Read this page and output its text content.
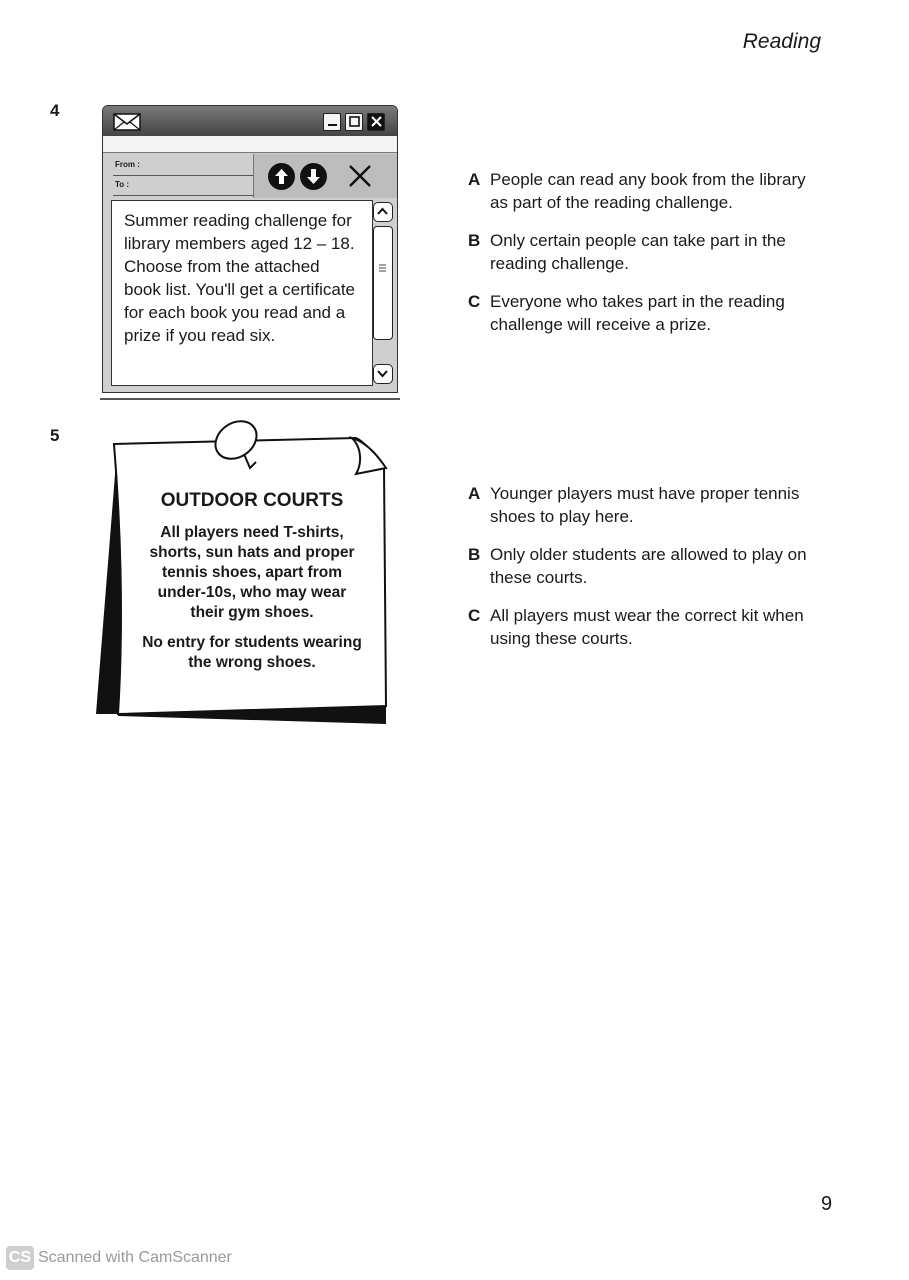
Reading
4
From :
To :
Summer reading challenge for library members aged 12 – 18. Choose from the attached book list. You'll get a certificate for each book you read and a prize if you read six.
A People can read any book from the library as part of the reading challenge.
B Only certain people can take part in the reading challenge.
C Everyone who takes part in the reading challenge will receive a prize.
5
OUTDOOR COURTS
All players need T-shirts, shorts, sun hats and proper tennis shoes, apart from under-10s, who may wear their gym shoes.
No entry for students wearing the wrong shoes.
A Younger players must have proper tennis shoes to play here.
B Only older students are allowed to play on these courts.
C All players must wear the correct kit when using these courts.
9
CS Scanned with CamScanner
